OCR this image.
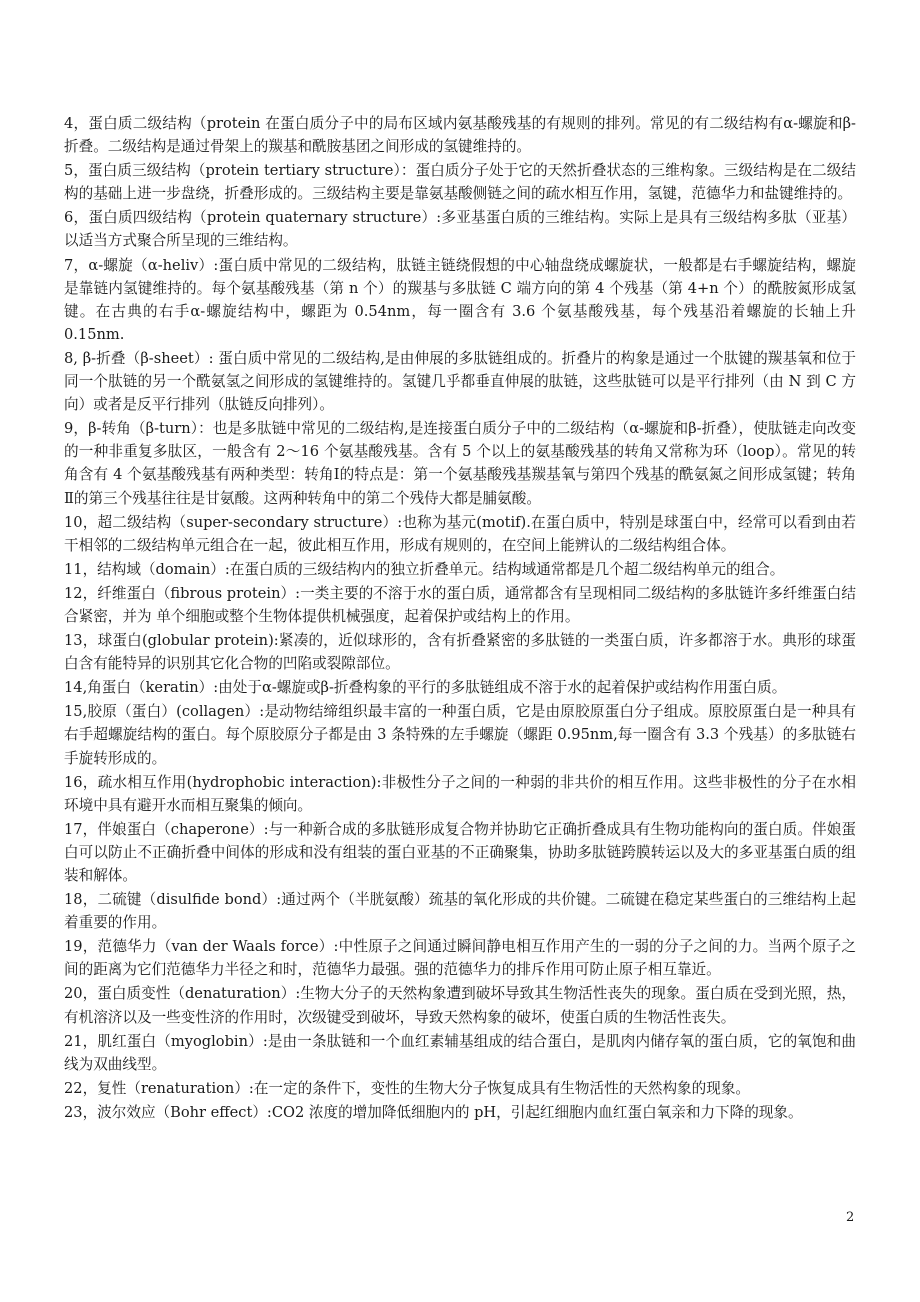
4，蛋白质二级结构（protein 在蛋白质分子中的局布区域内氨基酸残基的有规则的排列。常见的有二级结构有α-螺旋和β-折叠。二级结构是通过骨架上的羰基和酰胺基团之间形成的氢键维持的。

5，蛋白质三级结构（protein tertiary structure）：蛋白质分子处于它的天然折叠状态的三维构象。三级结构是在二级结构的基础上进一步盘绕，折叠形成的。三级结构主要是靠氨基酸侧链之间的疏水相互作用，氢键，范德华力和盐键维持的。

6，蛋白质四级结构（protein quaternary structure）:多亚基蛋白质的三维结构。实际上是具有三级结构多肽（亚基）以适当方式聚合所呈现的三维结构。

7，α-螺旋（α-heliv）:蛋白质中常见的二级结构，肽链主链绕假想的中心轴盘绕成螺旋状，一般都是右手螺旋结构，螺旋是靠链内氢键维持的。每个氨基酸残基（第 n 个）的羰基与多肽链 C 端方向的第 4 个残基（第 4+n 个）的酰胺氮形成氢键。在古典的右手α-螺旋结构中，螺距为 0.54nm，每一圈含有 3.6 个氨基酸残基，每个残基沿着螺旋的长轴上升 0.15nm.

8, β-折叠（β-sheet）: 蛋白质中常见的二级结构,是由伸展的多肽链组成的。折叠片的构象是通过一个肽键的羰基氧和位于同一个肽链的另一个酰氨氢之间形成的氢键维持的。氢键几乎都垂直伸展的肽链，这些肽链可以是平行排列（由 N 到 C 方向）或者是反平行排列（肽链反向排列）。

9，β-转角（β-turn）：也是多肽链中常见的二级结构,是连接蛋白质分子中的二级结构（α-螺旋和β-折叠），使肽链走向改变的一种非重复多肽区，一般含有 2～16 个氨基酸残基。含有 5 个以上的氨基酸残基的转角又常称为环（loop）。常见的转角含有 4 个氨基酸残基有两种类型：转角Ⅰ的特点是：第一个氨基酸残基羰基氧与第四个残基的酰氨氮之间形成氢键；转角Ⅱ的第三个残基往往是甘氨酸。这两种转角中的第二个残侍大都是脯氨酸。

10，超二级结构（super-secondary structure）:也称为基元(motif).在蛋白质中，特别是球蛋白中，经常可以看到由若干相邻的二级结构单元组合在一起，彼此相互作用，形成有规则的，在空间上能辨认的二级结构组合体。

11，结构域（domain）:在蛋白质的三级结构内的独立折叠单元。结构域通常都是几个超二级结构单元的组合。

12，纤维蛋白（fibrous protein）:一类主要的不溶于水的蛋白质，通常都含有呈现相同二级结构的多肽链许多纤维蛋白结合紧密，并为 单个细胞或整个生物体提供机械强度，起着保护或结构上的作用。

13，球蛋白(globular protein):紧凑的，近似球形的，含有折叠紧密的多肽链的一类蛋白质，许多都溶于水。典形的球蛋白含有能特异的识别其它化合物的凹陷或裂隙部位。

14,角蛋白（keratin）:由处于α-螺旋或β-折叠构象的平行的多肽链组成不溶于水的起着保护或结构作用蛋白质。

15,胶原（蛋白）(collagen）:是动物结缔组织最丰富的一种蛋白质，它是由原胶原蛋白分子组成。原胶原蛋白是一种具有右手超螺旋结构的蛋白。每个原胶原分子都是由 3 条特殊的左手螺旋（螺距 0.95nm,每一圈含有 3.3 个残基）的多肽链右手旋转形成的。

16，疏水相互作用(hydrophobic interaction):非极性分子之间的一种弱的非共价的相互作用。这些非极性的分子在水相环境中具有避开水而相互聚集的倾向。

17，伴娘蛋白（chaperone）:与一种新合成的多肽链形成复合物并协助它正确折叠成具有生物功能构向的蛋白质。伴娘蛋白可以防止不正确折叠中间体的形成和没有组装的蛋白亚基的不正确聚集，协助多肽链跨膜转运以及大的多亚基蛋白质的组装和解体。

18，二硫键（disulfide bond）:通过两个（半胱氨酸）巯基的氧化形成的共价键。二硫键在稳定某些蛋白的三维结构上起着重要的作用。

19，范德华力（van der Waals force）:中性原子之间通过瞬间静电相互作用产生的一弱的分子之间的力。当两个原子之间的距离为它们范德华力半径之和时，范德华力最强。强的范德华力的排斥作用可防止原子相互靠近。

20，蛋白质变性（denaturation）:生物大分子的天然构象遭到破坏导致其生物活性丧失的现象。蛋白质在受到光照，热，有机溶济以及一些变性济的作用时，次级键受到破坏，导致天然构象的破坏，使蛋白质的生物活性丧失。

21，肌红蛋白（myoglobin）:是由一条肽链和一个血红素辅基组成的结合蛋白，是肌肉内储存氧的蛋白质，它的氧饱和曲线为双曲线型。

22，复性（renaturation）:在一定的条件下，变性的生物大分子恢复成具有生物活性的天然构象的现象。

23，波尔效应（Bohr effect）:CO2 浓度的增加降低细胞内的 pH，引起红细胞内血红蛋白氧亲和力下降的现象。

2
